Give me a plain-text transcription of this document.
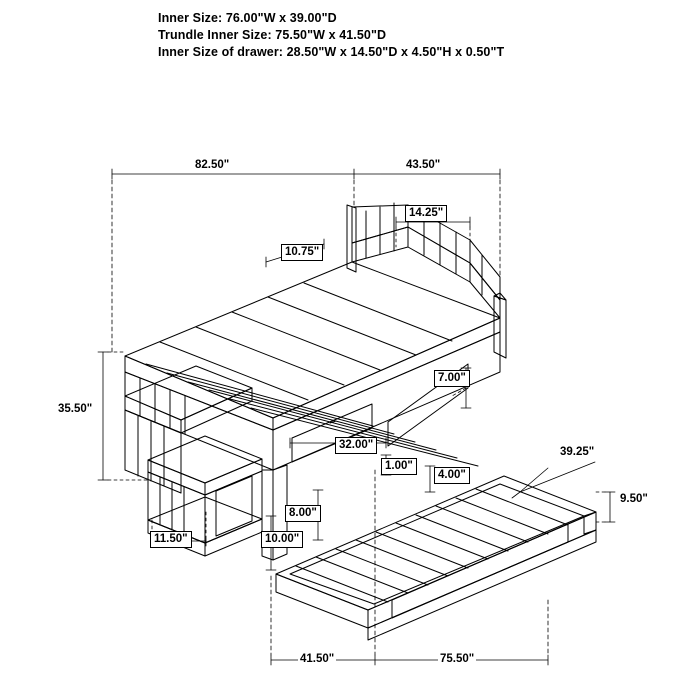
Inner Size: 76.00"W x 39.00"D
Trundle Inner Size: 75.50"W x 41.50"D
Inner Size of drawer: 28.50"W x 14.50"D x 4.50"H x 0.50"T
82.50"	43.50"
14.25"
10.75"
35.50"
7.00"
32.00"
11.50"
1.00"
4.00"
8.00"
10.00"
39.25"
9.50"
41.50"	75.50"
